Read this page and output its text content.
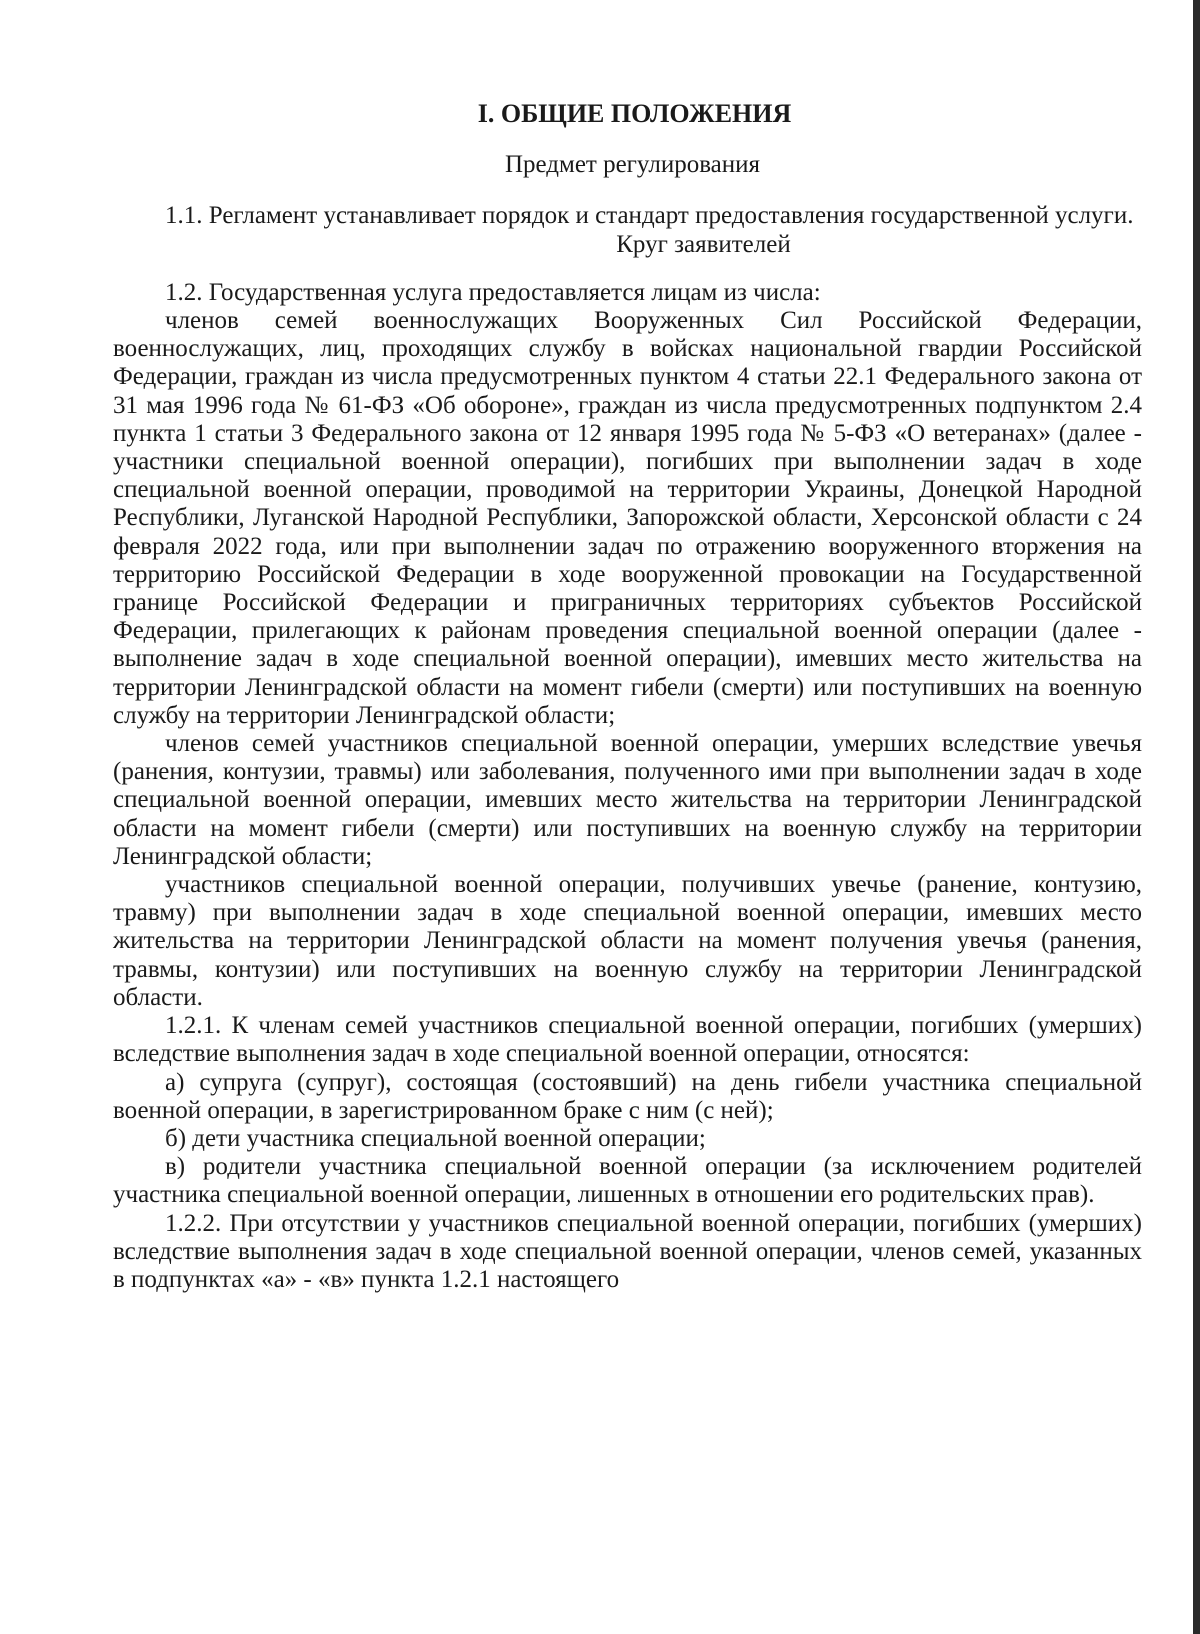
I. ОБЩИЕ ПОЛОЖЕНИЯ

Предмет регулирования

1.1. Регламент устанавливает порядок и стандарт предоставления государственной услуги.

Круг заявителей

1.2. Государственная услуга предоставляется лицам из числа:

членов семей военнослужащих Вооруженных Сил Российской Федерации, военнослужащих, лиц, проходящих службу в войсках национальной гвардии Российской Федерации, граждан из числа предусмотренных пунктом 4 статьи 22.1 Федерального закона от 31 мая 1996 года № 61-ФЗ «Об обороне», граждан из числа предусмотренных подпунктом 2.4 пункта 1 статьи 3 Федерального закона от 12 января 1995 года № 5-ФЗ «О ветеранах» (далее - участники специальной военной операции), погибших при выполнении задач в ходе специальной военной операции, проводимой на территории Украины, Донецкой Народной Республики, Луганской Народной Республики, Запорожской области, Херсонской области с 24 февраля 2022 года, или при выполнении задач по отражению вооруженного вторжения на территорию Российской Федерации в ходе вооруженной провокации на Государственной границе Российской Федерации и приграничных территориях субъектов Российской Федерации, прилегающих к районам проведения специальной военной операции (далее - выполнение задач в ходе специальной военной операции), имевших место жительства на территории Ленинградской области на момент гибели (смерти) или поступивших на военную службу на территории Ленинградской области;

членов семей участников специальной военной операции, умерших вследствие увечья (ранения, контузии, травмы) или заболевания, полученного ими при выполнении задач в ходе специальной военной операции, имевших место жительства на территории Ленинградской области на момент гибели (смерти) или поступивших на военную службу на территории Ленинградской области;

участников специальной военной операции, получивших увечье (ранение, контузию, травму) при выполнении задач в ходе специальной военной операции, имевших место жительства на территории Ленинградской области на момент получения увечья (ранения, травмы, контузии) или поступивших на военную службу на территории Ленинградской области.

1.2.1. К членам семей участников специальной военной операции, погибших (умерших) вследствие выполнения задач в ходе специальной военной операции, относятся:

а) супруга (супруг), состоящая (состоявший) на день гибели участника специальной военной операции, в зарегистрированном браке с ним (с ней);

б) дети участника специальной военной операции;

в) родители участника специальной военной операции (за исключением родителей участника специальной военной операции, лишенных в отношении его родительских прав).

1.2.2. При отсутствии у участников специальной военной операции, погибших (умерших) вследствие выполнения задач в ходе специальной военной операции, членов семей, указанных в подпунктах «а» - «в» пункта 1.2.1 настоящего
